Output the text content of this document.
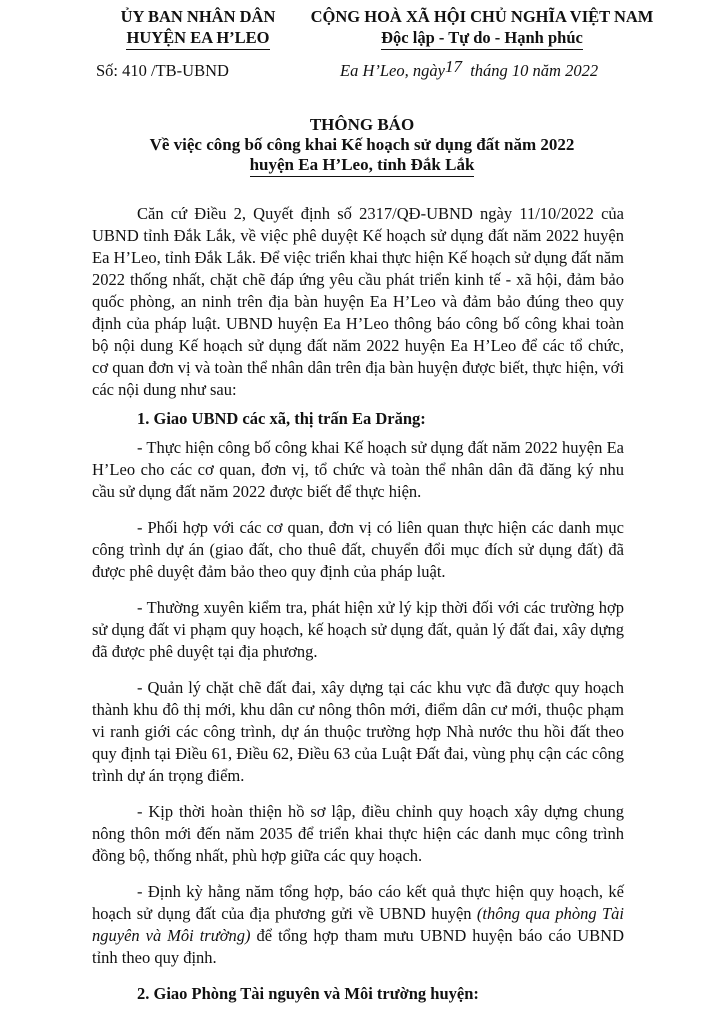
ỦY BAN NHÂN DÂN
HUYỆN EA H’LEO
CỘNG HOÀ XÃ HỘI CHỦ NGHĨA VIỆT NAM
Độc lập - Tự do - Hạnh phúc
Số: 410 /TB-UBND	Ea H’Leo, ngày17 tháng 10 năm 2022
THÔNG BÁO
Về việc công bố công khai Kế hoạch sử dụng đất năm 2022
huyện Ea H’Leo, tỉnh Đắk Lắk

Căn cứ Điều 2, Quyết định số 2317/QĐ-UBND ngày 11/10/2022 của UBND tỉnh Đắk Lắk, về việc phê duyệt Kế hoạch sử dụng đất năm 2022 huyện Ea H’Leo, tỉnh Đắk Lắk. Để việc triển khai thực hiện Kế hoạch sử dụng đất năm 2022 thống nhất, chặt chẽ đáp ứng yêu cầu phát triển kinh tế - xã hội, đảm bảo quốc phòng, an ninh trên địa bàn huyện Ea H’Leo và đảm bảo đúng theo quy định của pháp luật. UBND huyện Ea H’Leo thông báo công bố công khai toàn bộ nội dung Kế hoạch sử dụng đất năm 2022 huyện Ea H’Leo để các tổ chức, cơ quan đơn vị và toàn thể nhân dân trên địa bàn huyện được biết, thực hiện, với các nội dung như sau:

1. Giao UBND các xã, thị trấn Ea Drăng:

- Thực hiện công bố công khai Kế hoạch sử dụng đất năm 2022 huyện Ea H’Leo cho các cơ quan, đơn vị, tổ chức và toàn thể nhân dân đã đăng ký nhu cầu sử dụng đất năm 2022 được biết để thực hiện.

- Phối hợp với các cơ quan, đơn vị có liên quan thực hiện các danh mục công trình dự án (giao đất, cho thuê đất, chuyển đổi mục đích sử dụng đất) đã được phê duyệt đảm bảo theo quy định của pháp luật.

- Thường xuyên kiểm tra, phát hiện xử lý kịp thời đối với các trường hợp sử dụng đất vi phạm quy hoạch, kế hoạch sử dụng đất, quản lý đất đai, xây dựng đã được phê duyệt tại địa phương.

- Quản lý chặt chẽ đất đai, xây dựng tại các khu vực đã được quy hoạch thành khu đô thị mới, khu dân cư nông thôn mới, điểm dân cư mới, thuộc phạm vi ranh giới các công trình, dự án thuộc trường hợp Nhà nước thu hồi đất theo quy định tại Điều 61, Điều 62, Điều 63 của Luật Đất đai, vùng phụ cận các công trình dự án trọng điểm.

- Kịp thời hoàn thiện hồ sơ lập, điều chỉnh quy hoạch xây dựng chung nông thôn mới đến năm 2035 để triển khai thực hiện các danh mục công trình đồng bộ, thống nhất, phù hợp giữa các quy hoạch.

- Định kỳ hằng năm tổng hợp, báo cáo kết quả thực hiện quy hoạch, kế hoạch sử dụng đất của địa phương gửi về UBND huyện (thông qua phòng Tài nguyên và Môi trường) để tổng hợp tham mưu UBND huyện báo cáo UBND tỉnh theo quy định.

2. Giao Phòng Tài nguyên và Môi trường huyện:
